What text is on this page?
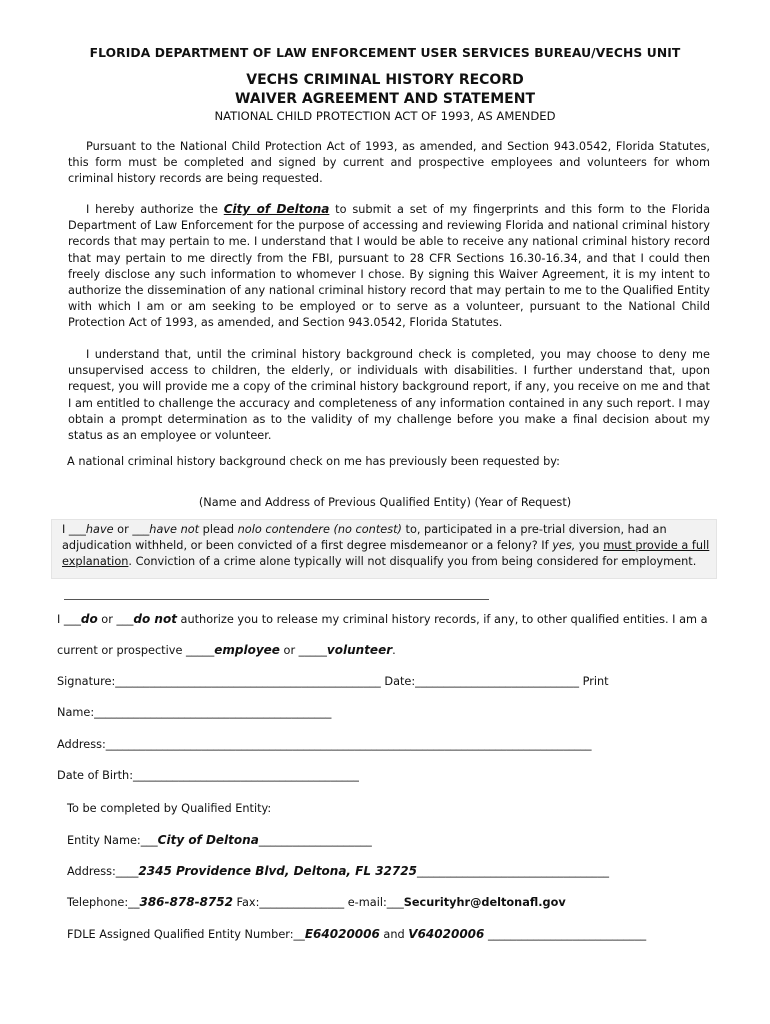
FLORIDA DEPARTMENT OF LAW ENFORCEMENT USER SERVICES BUREAU/VECHS UNIT
VECHS CRIMINAL HISTORY RECORD
WAIVER AGREEMENT AND STATEMENT
NATIONAL CHILD PROTECTION ACT OF 1993, AS AMENDED

Pursuant to the National Child Protection Act of 1993, as amended, and Section 943.0542, Florida Statutes, this form must be completed and signed by current and prospective employees and volunteers for whom criminal history records are being requested.

I hereby authorize the City of Deltona to submit a set of my fingerprints and this form to the Florida Department of Law Enforcement for the purpose of accessing and reviewing Florida and national criminal history records that may pertain to me. I understand that I would be able to receive any national criminal history record that may pertain to me directly from the FBI, pursuant to 28 CFR Sections 16.30-16.34, and that I could then freely disclose any such information to whomever I chose. By signing this Waiver Agreement, it is my intent to authorize the dissemination of any national criminal history record that may pertain to me to the Qualified Entity with which I am or am seeking to be employed or to serve as a volunteer, pursuant to the National Child Protection Act of 1993, as amended, and Section 943.0542, Florida Statutes.

I understand that, until the criminal history background check is completed, you may choose to deny me unsupervised access to children, the elderly, or individuals with disabilities. I further understand that, upon request, you will provide me a copy of the criminal history background report, if any, you receive on me and that I am entitled to challenge the accuracy and completeness of any information contained in any such report. I may obtain a prompt determination as to the validity of my challenge before you make a final decision about my status as an employee or volunteer.

A national criminal history background check on me has previously been requested by:
(Name and Address of Previous Qualified Entity) (Year of Request)

I ___have or ___have not plead nolo contendere (no contest) to, participated in a pre-trial diversion, had an adjudication withheld, or been convicted of a first degree misdemeanor or a felony? If yes, you must provide a full explanation. Conviction of a crime alone typically will not disqualify you from being considered for employment.

I ___do or ___do not authorize you to release my criminal history records, if any, to other qualified entities. I am a
current or prospective _____employee or _____volunteer.
Signature:_______________________________________________ Date:_____________________________ Print
Name:__________________________________________
Address:______________________________________________________________________________________
Date of Birth:________________________________________
To be completed by Qualified Entity:
Entity Name:___City of Deltona____________________
Address:____2345 Providence Blvd, Deltona, FL 32725__________________________________
Telephone:__386-878-8752 Fax:_______________ e-mail:___Securityhr@deltonafl.gov
FDLE Assigned Qualified Entity Number:__E64020006 and V64020006 ____________________________
